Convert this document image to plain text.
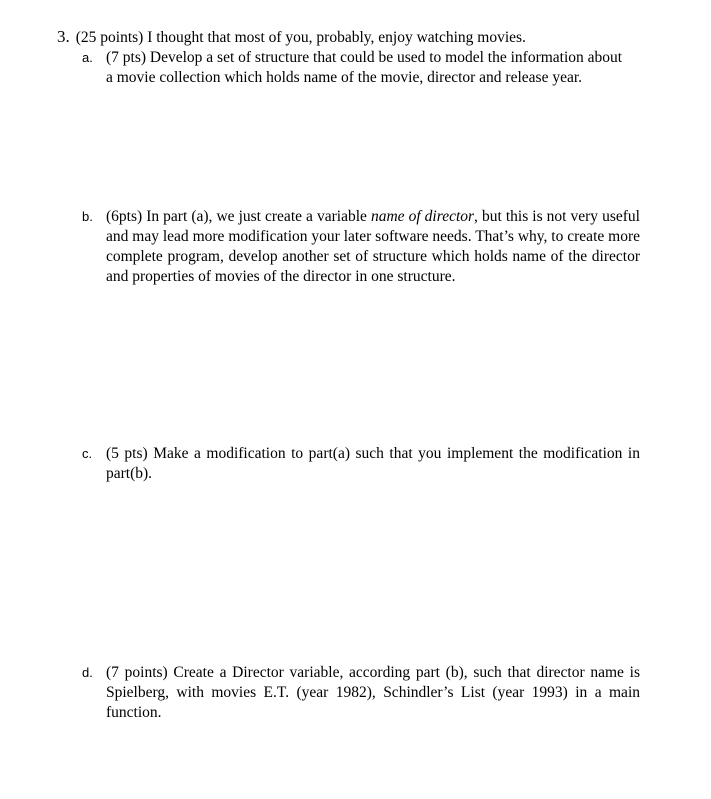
3. (25 points) I thought that most of you, probably, enjoy watching movies.
a. (7 pts) Develop a set of structure that could be used to model the information about
a movie collection which holds name of the movie, director and release year.
b. (6pts) In part (a), we just create a variable name of director, but this is not very useful and may lead more modification your later software needs. That’s why, to create more complete program, develop another set of structure which holds name of the director and properties of movies of the director in one structure.
c. (5 pts) Make a modification to part(a) such that you implement the modification in part(b).
d. (7 points) Create a Director variable, according part (b), such that director name is Spielberg, with movies E.T. (year 1982), Schindler’s List (year 1993) in a main function.
